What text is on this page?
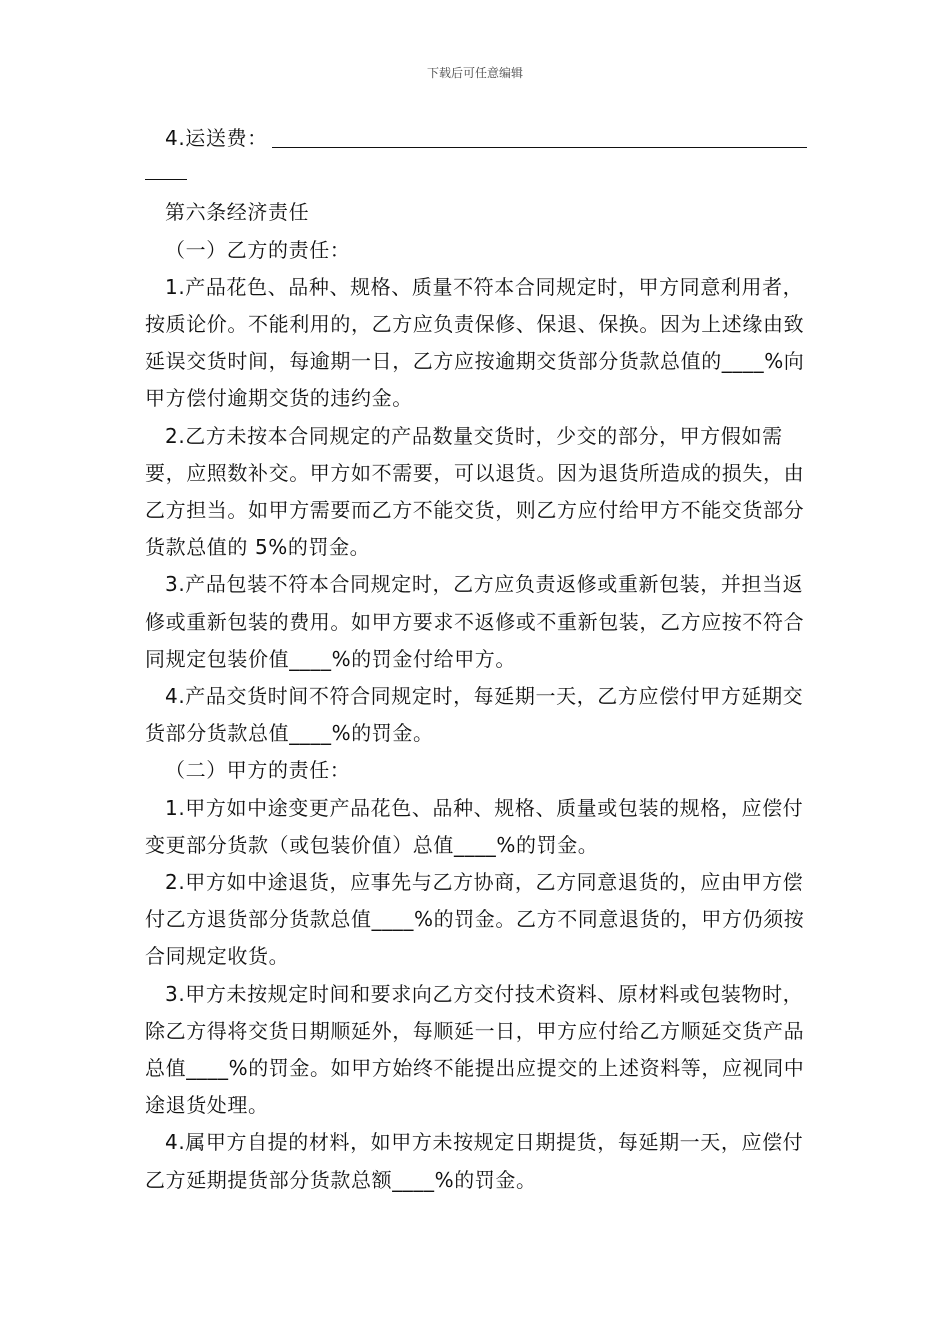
下载后可任意编辑
4.运送费：

第六条经济责任

（一）乙方的责任：

1.产品花色、品种、规格、质量不符本合同规定时，甲方同意利用者，按质论价。不能利用的，乙方应负责保修、保退、保换。因为上述缘由致延误交货时间，每逾期一日，乙方应按逾期交货部分货款总值的____%向甲方偿付逾期交货的违约金。

2.乙方未按本合同规定的产品数量交货时，少交的部分，甲方假如需要，应照数补交。甲方如不需要，可以退货。因为退货所造成的损失，由乙方担当。如甲方需要而乙方不能交货，则乙方应付给甲方不能交货部分货款总值的 5%的罚金。

3.产品包装不符本合同规定时，乙方应负责返修或重新包装，并担当返修或重新包装的费用。如甲方要求不返修或不重新包装，乙方应按不符合同规定包装价值____%的罚金付给甲方。

4.产品交货时间不符合同规定时，每延期一天，乙方应偿付甲方延期交货部分货款总值____%的罚金。

（二）甲方的责任：

1.甲方如中途变更产品花色、品种、规格、质量或包装的规格，应偿付变更部分货款（或包装价值）总值____%的罚金。

2.甲方如中途退货，应事先与乙方协商，乙方同意退货的，应由甲方偿付乙方退货部分货款总值____%的罚金。乙方不同意退货的，甲方仍须按合同规定收货。

3.甲方未按规定时间和要求向乙方交付技术资料、原材料或包装物时，除乙方得将交货日期顺延外，每顺延一日，甲方应付给乙方顺延交货产品总值____%的罚金。如甲方始终不能提出应提交的上述资料等，应视同中途退货处理。

4.属甲方自提的材料，如甲方未按规定日期提货，每延期一天，应偿付乙方延期提货部分货款总额____%的罚金。
